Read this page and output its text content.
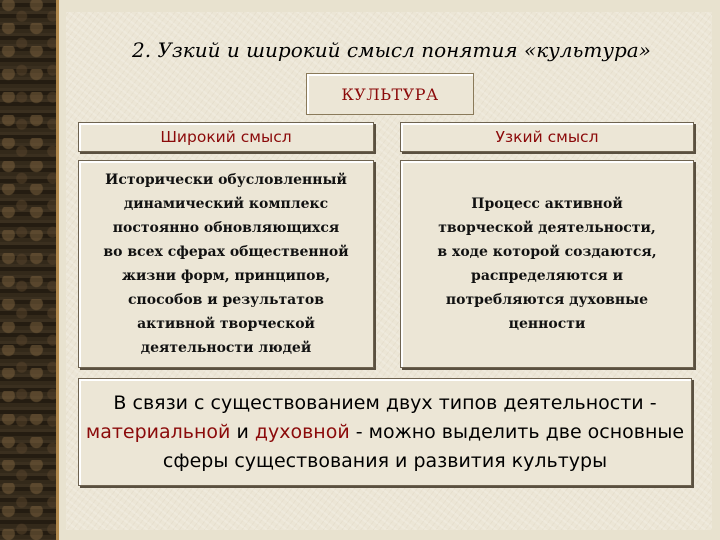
2. Узкий и широкий смысл понятия «культура»
КУЛЬТУРА
Широкий смысл	Узкий смысл
Исторически обусловленный
динамический комплекс
постоянно обновляющихся
во всех сферах общественной
жизни форм, принципов,
способов и результатов
активной творческой
деятельности людей
Процесс активной
творческой деятельности,
в ходе которой создаются,
распределяются и
потребляются духовные
ценности
В связи с существованием двух типов деятельности - материальной и духовной - можно выделить две основные сферы существования и развития культуры
